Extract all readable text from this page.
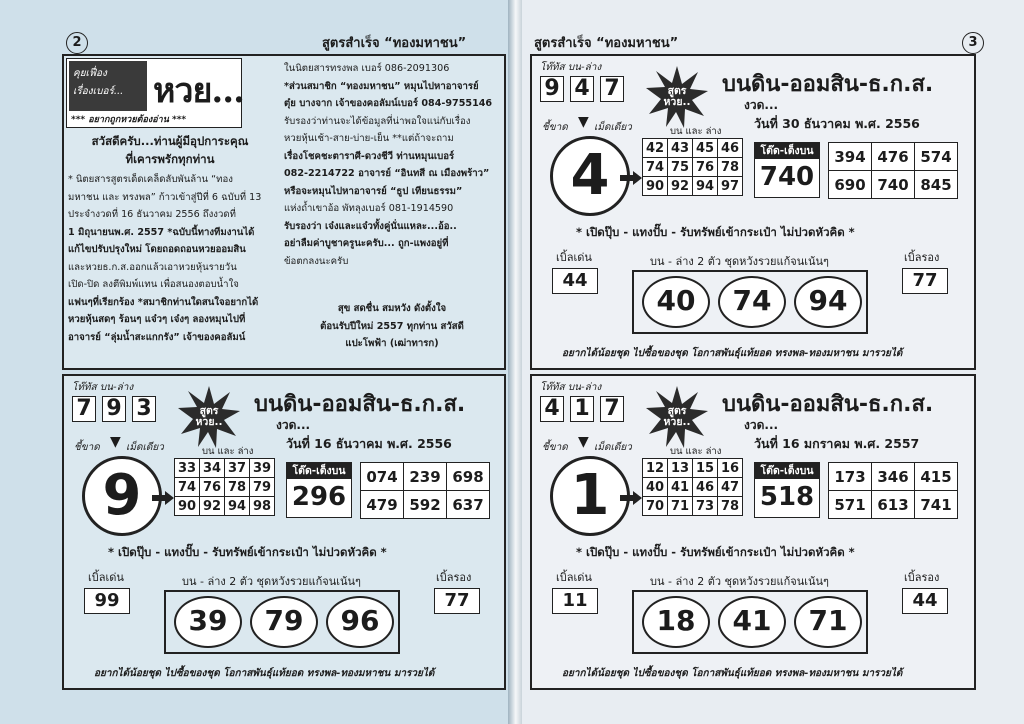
2	สูตรสำเร็จ “ทองมหาชน”	สูตรสำเร็จ “ทองมหาชน”	3
คุยเฟื่อง
เรื่องเบอร์... หวย...
*** อยากถูกหวยต้องอ่าน ***
สวัสดีครับ...ท่านผู้มีอุปการะคุณ
ที่เคารพรักทุกท่าน
* นิตยสารสูตรเด็ดเคล็ดลับพันล้าน “ทอง
มหาชน และ ทรงพล” ก้าวเข้าสู่ปีที่ 6 ฉบับที่ 13
ประจำงวดที่ 16 ธันวาคม 2556 ถึงงวดที่
1 มิถุนายนพ.ศ. 2557 *ฉบับนี้ทางทีมงานได้
แก้ไขปรับปรุงใหม่ โดยถอดถอนหวยออมสิน
และหวยธ.ก.ส.ออกแล้วเอาหวยหุ้นรายวัน
เปิด-ปิด ลงตีพิมพ์แทน เพื่อสนองตอบน้ำใจ
แฟนๆที่เรียกร้อง *สมาชิกท่านใดสนใจอยากได้
หวยหุ้นสดๆ ร้อนๆ แจ๋วๆ เจ๋งๆ ลองหมุนไปที่
อาจารย์ “ลุ่มน้ำสะแกกรัง” เจ้าของคอลัมน์
ในนิตยสารทรงพล เบอร์ 086-2091306
*ส่วนสมาชิก “ทองมหาชน” หมุนไปหาอาจารย์
ตุ๋ย บางจาก เจ้าของคอลัมน์เบอร์ 084-9755146
รับรองว่าท่านจะได้ข้อมูลที่น่าพอใจแน่กับเรื่อง
หวยหุ้นเช้า-สาย-บ่าย-เย็น **แต่ถ้าจะถาม
เรื่องโชคชะตาราศี-ดวงชีวี ท่านหมุนเบอร์
082-2214722 อาจารย์ “อินทสี ณ เมืองพร้าว”
หรือจะหมุนไปหาอาจารย์ “ธูป เทียนธรรม”
แห่งถ้ำเขาอ้อ พัทลุงเบอร์ 081-1914590
รับรองว่า เจ๋งและแจ๋วทั้งคู่นั่นแหละ...อ้อ..
อย่าลืมค่าบูชาครูนะครับ... ถูก-แพงอยู่ที่
ข้อตกลงนะครับ
สุข สดชื่น สมหวัง ดังตั้งใจ
ต้อนรับปีใหม่ 2557 ทุกท่าน สวัสดี
แปะโพฟ้า (เฒ่าทารก)
โท๊ทัส บน-ล่าง
7 9 3	สูตร หวย..
บนดิน-ออมสิน-ธ.ก.ส.
งวด...
วันที่ 16 ธันวาคม พ.ศ. 2556
ชี้ขาด ▼ เม็ดเดียว
9
บน และ ล่าง
33	34	37	39
74	76	78	79
90	92	94	98
โต๊ด-เต็งบน
296
074	239	698
479	592	637
* เปิดปุ๊บ - แทงปั๊บ - รับทรัพย์เข้ากระเป๋า ไม่ปวดหัวคิด *
เบิ้ลเด่น
99
บน - ล่าง 2 ตัว ชุดหวังรวยแก้จนเน้นๆ	เบิ้ลรอง
77
39	79	96
อยากได้น้อยชุด ไปซื้อของชุด โอกาสพันธุ์แท้ยอด ทรงพล-ทองมหาชน มารวยได้
โท๊ทัส บน-ล่าง
9 4 7	สูตร หวย..
บนดิน-ออมสิน-ธ.ก.ส.
งวด...
วันที่ 30 ธันวาคม พ.ศ. 2556
ชี้ขาด ▼ เม็ดเดียว
4
บน และ ล่าง
42	43	45	46
74	75	76	78
90	92	94	97
โต๊ด-เต็งบน
740
394	476	574
690	740	845
* เปิดปุ๊บ - แทงปั๊บ - รับทรัพย์เข้ากระเป๋า ไม่ปวดหัวคิด *
เบิ้ลเด่น
44
บน - ล่าง 2 ตัว ชุดหวังรวยแก้จนเน้นๆ	เบิ้ลรอง
77
40	74	94
อยากได้น้อยชุด ไปซื้อของชุด โอกาสพันธุ์แท้ยอด ทรงพล-ทองมหาชน มารวยได้
โท๊ทัส บน-ล่าง
4 1 7	สูตร หวย..
บนดิน-ออมสิน-ธ.ก.ส.
งวด...
วันที่ 16 มกราคม พ.ศ. 2557
ชี้ขาด ▼ เม็ดเดียว
1
บน และ ล่าง
12	13	15	16
40	41	46	47
70	71	73	78
โต๊ด-เต็งบน
518
173	346	415
571	613	741
* เปิดปุ๊บ - แทงปั๊บ - รับทรัพย์เข้ากระเป๋า ไม่ปวดหัวคิด *
เบิ้ลเด่น
11
บน - ล่าง 2 ตัว ชุดหวังรวยแก้จนเน้นๆ	เบิ้ลรอง
44
18	41	71
อยากได้น้อยชุด ไปซื้อของชุด โอกาสพันธุ์แท้ยอด ทรงพล-ทองมหาชน มารวยได้
